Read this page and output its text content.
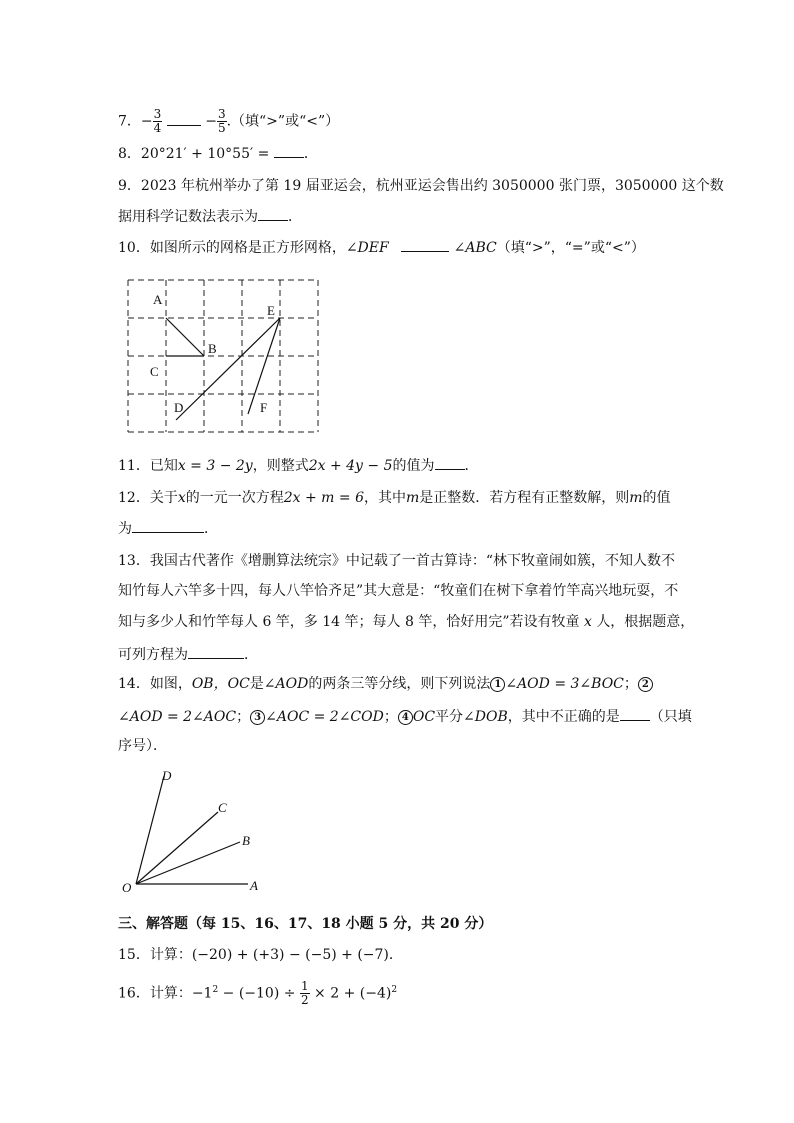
7．− $\frac{3}{4}$	− $\frac{3}{5}$ .（填“>”或“<”）
8．20°21′ + 10°55′ = ．
9．2023 年杭州举办了第 19 届亚运会，杭州亚运会售出约 3050000 张门票，3050000 这个数
据用科学记数法表示为 ．
10．如图所示的网格是正方形网格，∠DEF	∠ABC（填“>”，“=”或“<”）
A
B
C
D
E
F
11．已知x = 3 − 2y，则整式2x + 4y − 5的值为 ．
12．关于x的一元一次方程2x + m = 6，其中m是正整数．若方程有正整数解，则m的值
为	．
13．我国古代著作《增删算法统宗》中记载了一首古算诗：“林下牧童闹如簇，不知人数不
知竹每人六竿多十四，每人八竿恰齐足”其大意是：“牧童们在树下拿着竹竿高兴地玩耍，不
知与多少人和竹竿每人 6 竿，多 14 竿；每人 8 竿，恰好用完”若设有牧童 x 人，根据题意，
可列方程为	．
14．如图，OB，OC是∠AOD的两条三等分线，则下列说法 1 ∠AOD = 3∠BOC； 2
∠AOD = 2∠AOC； 3 ∠AOC = 2∠COD； 4 OC平分∠DOB，其中不正确的是 （只填
序号）．
D
C
B
O	A
三、解答题（每 15、16、17、18 小题 5 分，共 20 分）
15．计算：(−20) + (+3) − (−5) + (−7)．
16．计算：$-1^2 - (-10) \div \frac{1}{2} \times 2 + (-4)^2$
